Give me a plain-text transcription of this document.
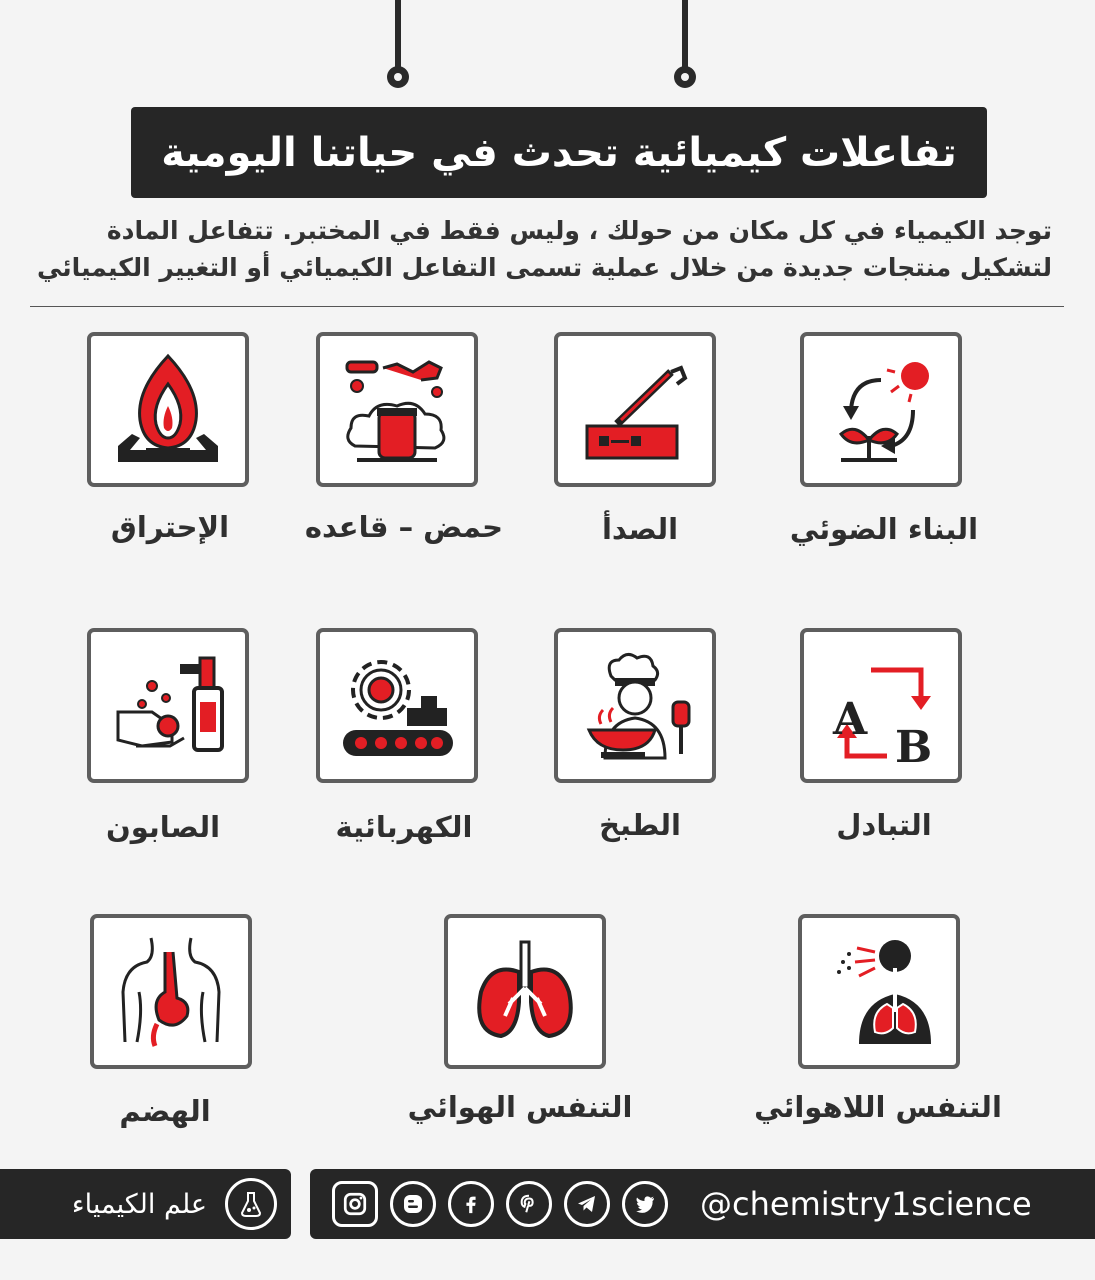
تفاعلات كيميائية تحدث في حياتنا اليومية
توجد الكيمياء في كل مكان من حولك ، وليس فقط في المختبر. تتفاعل المادة
لتشكيل منتجات جديدة من خلال عملية تسمى التفاعل الكيميائي أو التغيير الكيميائي
البناء الضوئي
الصدأ
حمض – قاعده
الإحتراق
A
B
التبادل
الطبخ
الكهربائية
الصابون
التنفس اللاهوائي
التنفس الهوائي
الهضم
علم الكيمياء	@chemistry1science
